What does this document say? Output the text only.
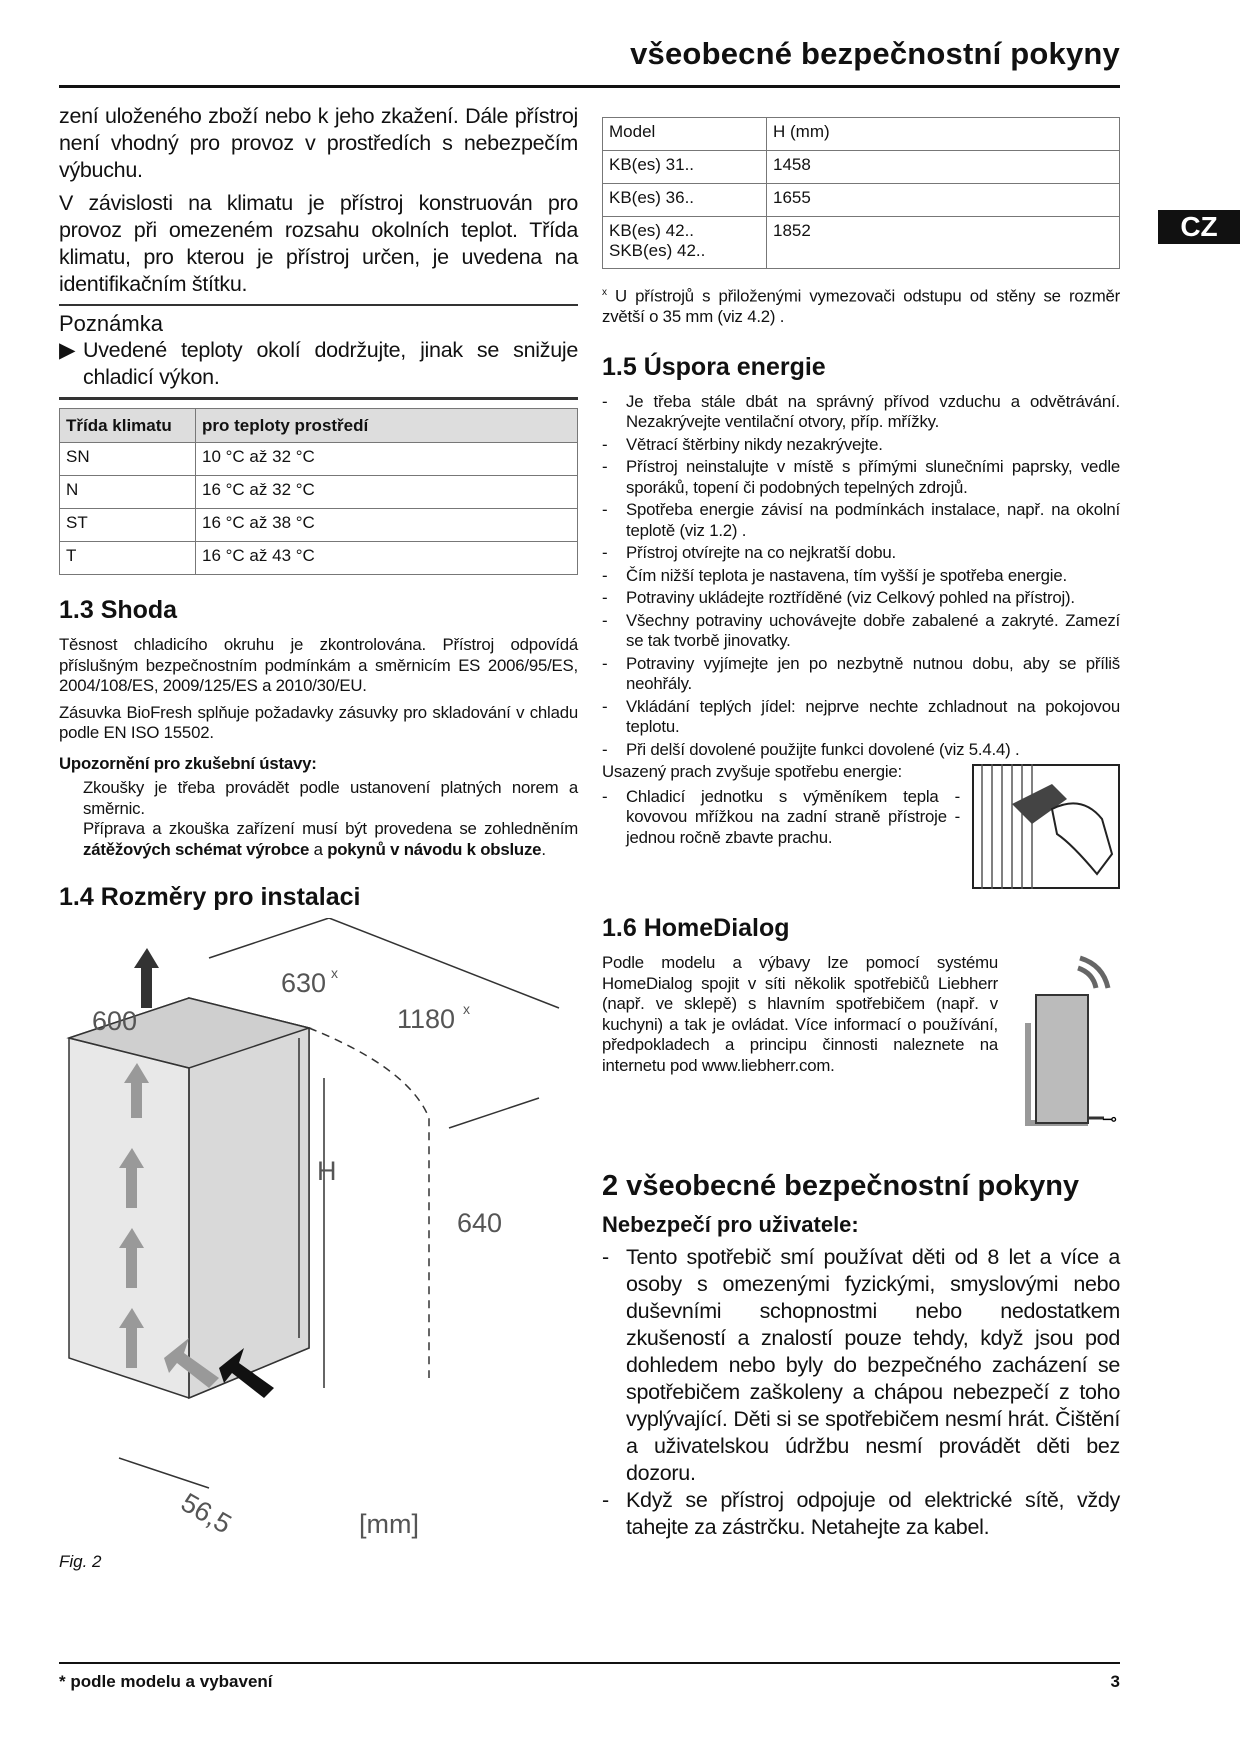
všeobecné bezpečnostní pokyny
CZ

zení uloženého zboží nebo k jeho zkažení. Dále přístroj není vhodný pro provoz v prostředích s nebezpečím výbuchu.

V závislosti na klimatu je přístroj konstruován pro provoz při omezeném rozsahu okolních teplot. Třída klimatu, pro kterou je přístroj určen, je uvedena na identifikačním štítku.

Poznámka
▶ Uvedené teploty okolí dodržujte, jinak se snižuje chladicí výkon.
Třída klimatu	pro teploty prostředí
SN	10 °C až 32 °C
N	16 °C až 32 °C
ST	16 °C až 38 °C
T	16 °C až 43 °C
1.3 Shoda

Těsnost chladicího okruhu je zkontrolována. Přístroj odpovídá příslušným bezpečnostním podmínkám a směrnicím ES 2006/95/ES, 2004/108/ES, 2009/125/ES a 2010/30/EU.

Zásuvka BioFresh splňuje požadavky zásuvky pro skladování v chladu podle EN ISO 15502.

Upozornění pro zkušební ústavy:

Zkoušky je třeba provádět podle ustanovení platných norem a směrnic.
Příprava a zkouška zařízení musí být provedena se zohledněním zátěžových schémat výrobce a pokynů v návodu k obsluze.
1.4 Rozměry pro instalaci
600
630 x
1180 x
H
640
56,5	[mm]
Fig. 2
Model	H (mm)
KB(es) 31..	1458
KB(es) 36..	1655
KB(es) 42..
SKB(es) 42..	1852
$^x$ U přístrojů s přiloženými vymezovači odstupu od stěny se rozměr zvětší o 35 mm (viz 4.2) .
1.5 Úspora energie
- Je třeba stále dbát na správný přívod vzduchu a odvětrávání. Nezakrývejte ventilační otvory, příp. mřížky.
- Větrací štěrbiny nikdy nezakrývejte.
- Přístroj neinstalujte v místě s přímými slunečními paprsky, vedle sporáků, topení či podobných tepelných zdrojů.
- Spotřeba energie závisí na podmínkách instalace, např. na okolní teplotě (viz 1.2) .
- Přístroj otvírejte na co nejkratší dobu.
- Čím nižší teplota je nastavena, tím vyšší je spotřeba energie.
- Potraviny ukládejte roztříděné (viz Celkový pohled na přístroj).
- Všechny potraviny uchovávejte dobře zabalené a zakryté. Zamezí se tak tvorbě jinovatky.
- Potraviny vyjímejte jen po nezbytně nutnou dobu, aby se příliš neohřály.
- Vkládání teplých jídel: nejprve nechte zchladnout na pokojovou teplotu.
- Při delší dovolené použijte funkci dovolené (viz 5.4.4) .
Usazený prach zvyšuje spotřebu energie:
- Chladicí jednotku s výměníkem tepla - kovovou mřížkou na zadní straně přístroje - jednou ročně zbavte prachu.
1.6 HomeDialog
⊸
Podle modelu a výbavy lze pomocí systému HomeDialog spojit v síti několik spotřebičů Liebherr (např. ve sklepě) s hlavním spotřebičem (např. v kuchyni) a tak je ovládat. Více informací o používání, předpokladech a principu činnosti naleznete na internetu pod www.liebherr.com.
2 všeobecné bezpečnostní pokyny
Nebezpečí pro uživatele:
- Tento spotřebič smí používat děti od 8 let a více a osoby s omezenými fyzickými, smyslovými nebo duševními schopnostmi nebo nedostatkem zkušeností a znalostí pouze tehdy, když jsou pod dohledem nebo byly do bezpečného zacházení se spotřebičem zaškoleny a chápou nebezpečí z toho vyplývající. Děti si se spotřebičem nesmí hrát. Čištění a uživatelskou údržbu nesmí provádět děti bez dozoru.
- Když se přístroj odpojuje od elektrické sítě, vždy tahejte za zástrčku. Netahejte za kabel.
* podle modelu a vybavení	3
